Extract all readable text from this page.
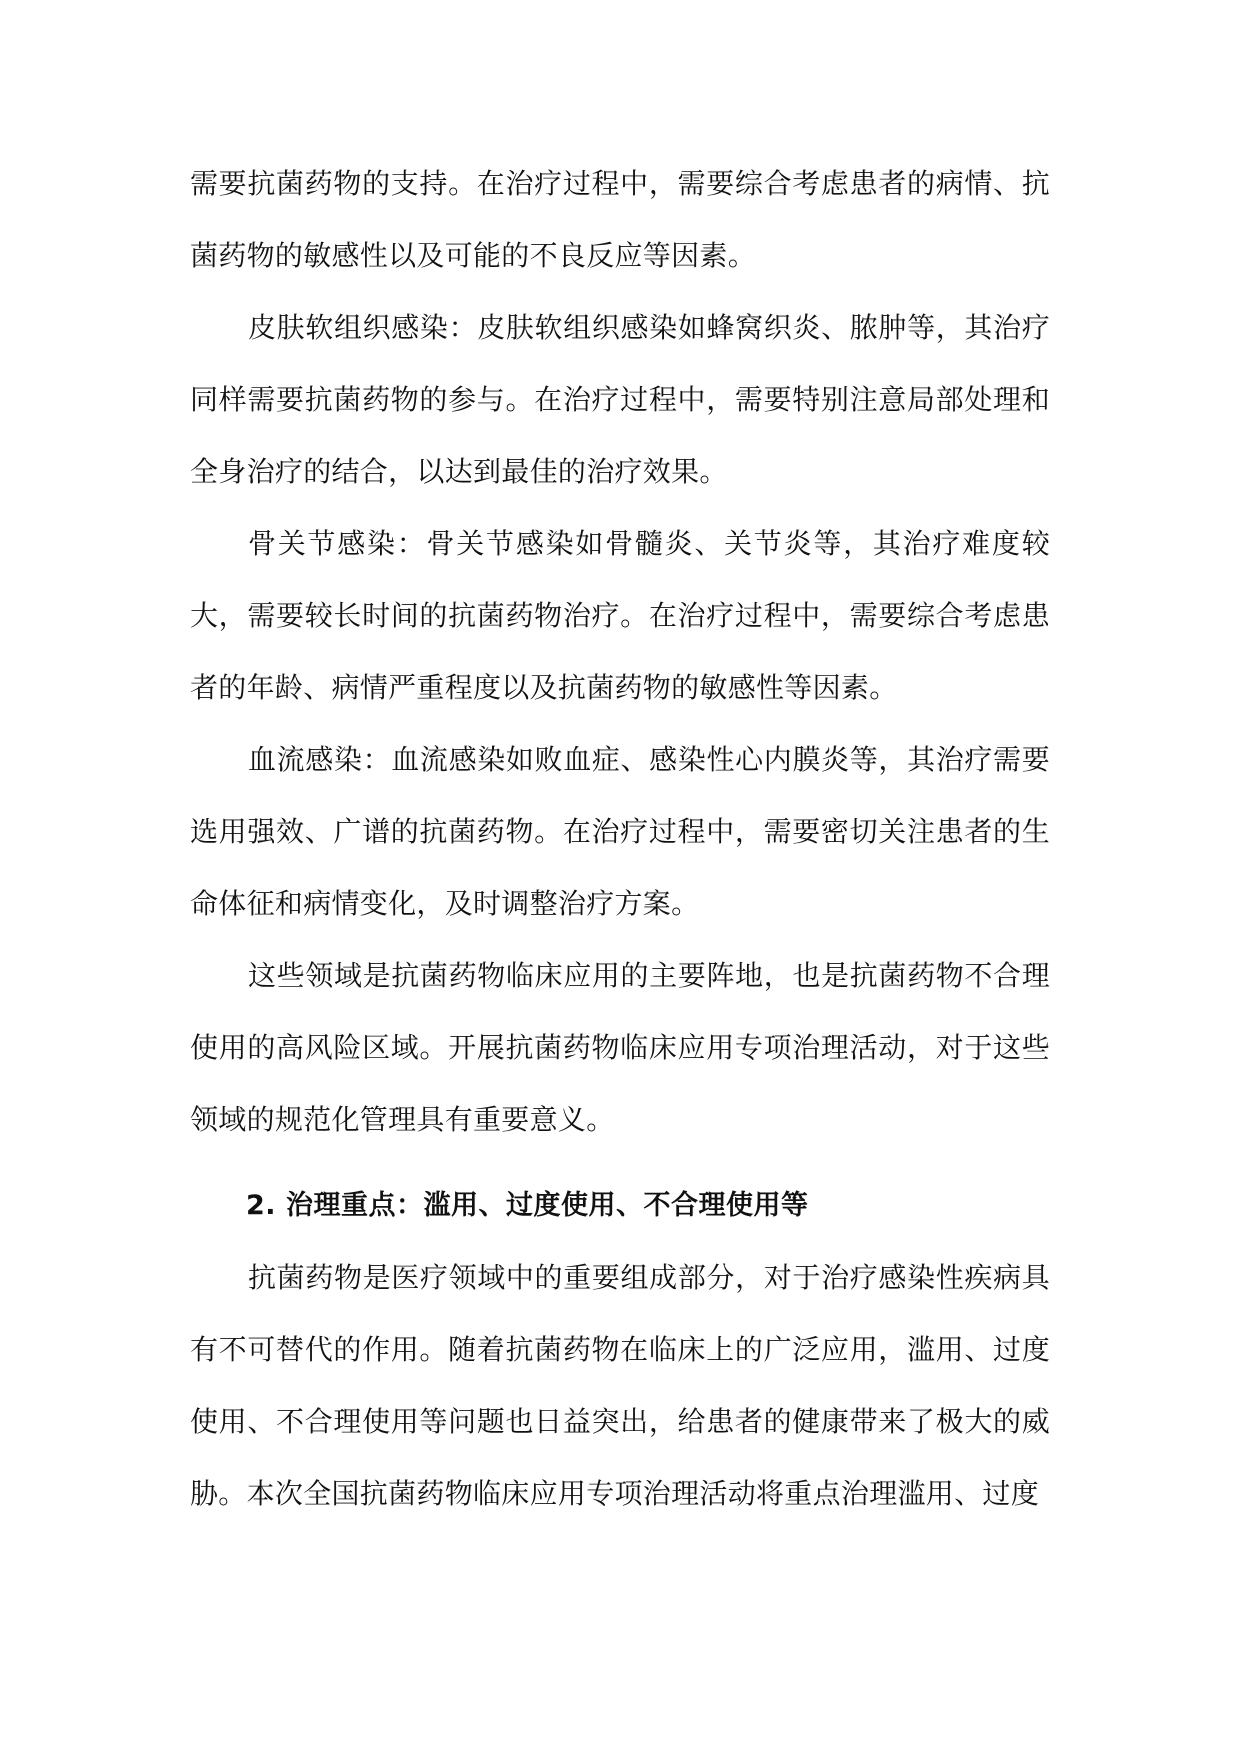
需要抗菌药物的支持。在治疗过程中，需要综合考虑患者的病情、抗菌药物的敏感性以及可能的不良反应等因素。

皮肤软组织感染：皮肤软组织感染如蜂窝织炎、脓肿等，其治疗同样需要抗菌药物的参与。在治疗过程中，需要特别注意局部处理和全身治疗的结合，以达到最佳的治疗效果。

骨关节感染：骨关节感染如骨髓炎、关节炎等，其治疗难度较大，需要较长时间的抗菌药物治疗。在治疗过程中，需要综合考虑患者的年龄、病情严重程度以及抗菌药物的敏感性等因素。

血流感染：血流感染如败血症、感染性心内膜炎等，其治疗需要选用强效、广谱的抗菌药物。在治疗过程中，需要密切关注患者的生命体征和病情变化，及时调整治疗方案。

这些领域是抗菌药物临床应用的主要阵地，也是抗菌药物不合理使用的高风险区域。开展抗菌药物临床应用专项治理活动，对于这些领域的规范化管理具有重要意义。

2. 治理重点：滥用、过度使用、不合理使用等

抗菌药物是医疗领域中的重要组成部分，对于治疗感染性疾病具有不可替代的作用。随着抗菌药物在临床上的广泛应用，滥用、过度使用、不合理使用等问题也日益突出，给患者的健康带来了极大的威胁。本次全国抗菌药物临床应用专项治理活动将重点治理滥用、过度
